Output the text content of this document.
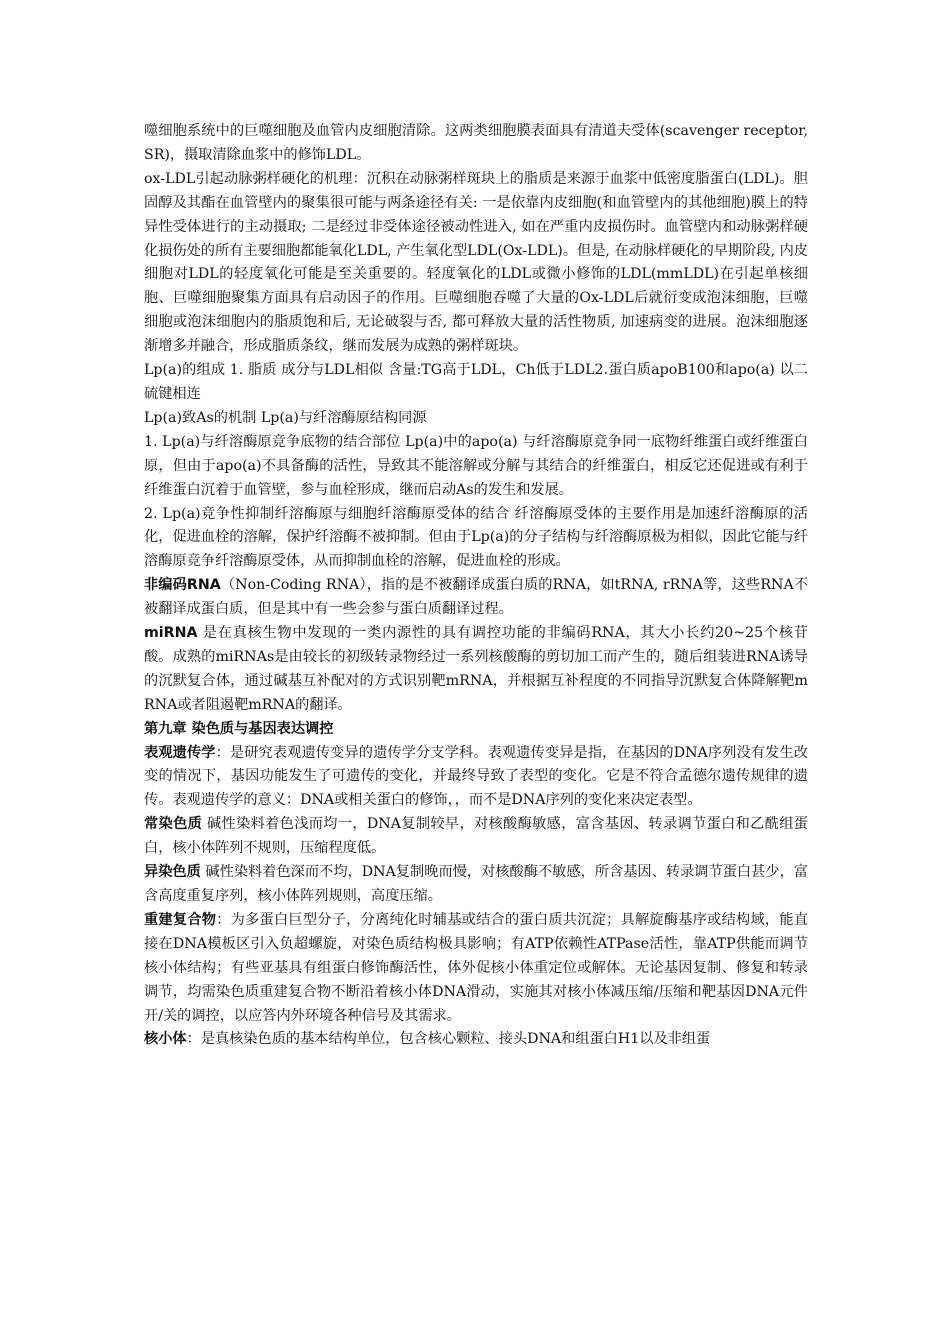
噬细胞系统中的巨噬细胞及血管内皮细胞清除。这两类细胞膜表面具有清道夫受体(scavenger receptor, SR)，摄取清除血浆中的修饰LDL。

ox-LDL引起动脉粥样硬化的机理：沉积在动脉粥样斑块上的脂质是来源于血浆中低密度脂蛋白(LDL)。胆固醇及其酯在血管壁内的聚集很可能与两条途径有关: 一是依靠内皮细胞(和血管壁内的其他细胞)膜上的特异性受体进行的主动摄取; 二是经过非受体途径被动性进入, 如在严重内皮损伤时。血管壁内和动脉粥样硬化损伤处的所有主要细胞都能氧化LDL, 产生氧化型LDL(Ox-LDL)。但是, 在动脉样硬化的早期阶段, 内皮细胞对LDL的轻度氧化可能是至关重要的。轻度氧化的LDL或微小修饰的LDL(mmLDL)在引起单核细胞、巨噬细胞聚集方面具有启动因子的作用。巨噬细胞吞噬了大量的Ox-LDL后就衍变成泡沫细胞，巨噬细胞或泡沫细胞内的脂质饱和后, 无论破裂与否, 都可释放大量的活性物质, 加速病变的进展。泡沫细胞逐渐增多并融合，形成脂质条纹，继而发展为成熟的粥样斑块。

Lp(a)的组成 1. 脂质 成分与LDL相似 含量:TG高于LDL，Ch低于LDL2.蛋白质apoB100和apo(a) 以二硫键相连

Lp(a)致As的机制 Lp(a)与纤溶酶原结构同源

1. Lp(a)与纤溶酶原竞争底物的结合部位 Lp(a)中的apo(a) 与纤溶酶原竞争同一底物纤维蛋白或纤维蛋白原，但由于apo(a)不具备酶的活性，导致其不能溶解或分解与其结合的纤维蛋白，相反它还促进或有利于纤维蛋白沉着于血管壁，参与血栓形成，继而启动As的发生和发展。

2. Lp(a)竞争性抑制纤溶酶原与细胞纤溶酶原受体的结合 纤溶酶原受体的主要作用是加速纤溶酶原的活化，促进血栓的溶解，保护纤溶酶不被抑制。但由于Lp(a)的分子结构与纤溶酶原极为相似，因此它能与纤溶酶原竞争纤溶酶原受体，从而抑制血栓的溶解，促进血栓的形成。

非编码RNA（Non-Coding RNA），指的是不被翻译成蛋白质的RNA，如tRNA, rRNA等，这些RNA不被翻译成蛋白质，但是其中有一些会参与蛋白质翻译过程。

miRNA 是在真核生物中发现的一类内源性的具有调控功能的非编码RNA，其大小长约20~25个核苷酸。成熟的miRNAs是由较长的初级转录物经过一系列核酸酶的剪切加工而产生的，随后组装进RNA诱导的沉默复合体，通过碱基互补配对的方式识别靶mRNA，并根据互补程度的不同指导沉默复合体降解靶mRNA或者阻遏靶mRNA的翻译。

第九章 染色质与基因表达调控

表观遗传学：是研究表观遗传变异的遗传学分支学科。表观遗传变异是指，在基因的DNA序列没有发生改变的情况下，基因功能发生了可遗传的变化，并最终导致了表型的变化。它是不符合孟德尔遗传规律的遗传。表观遗传学的意义：DNA或相关蛋白的修饰，，而不是DNA序列的变化来决定表型。

常染色质 碱性染料着色浅而均一，DNA复制较早，对核酸酶敏感，富含基因、转录调节蛋白和乙酰组蛋白，核小体阵列不规则，压缩程度低。

异染色质 碱性染料着色深而不均，DNA复制晚而慢，对核酸酶不敏感，所含基因、转录调节蛋白甚少，富含高度重复序列，核小体阵列规则，高度压缩。

重建复合物：为多蛋白巨型分子，分离纯化时辅基或结合的蛋白质共沉淀；具解旋酶基序或结构域，能直接在DNA模板区引入负超螺旋，对染色质结构极具影响；有ATP依赖性ATPase活性，靠ATP供能而调节核小体结构；有些亚基具有组蛋白修饰酶活性，体外促核小体重定位或解体。无论基因复制、修复和转录调节，均需染色质重建复合物不断沿着核小体DNA滑动，实施其对核小体减压缩/压缩和靶基因DNA元件开/关的调控，以应答内外环境各种信号及其需求。

核小体：是真核染色质的基本结构单位，包含核心颗粒、接头DNA和组蛋白H1以及非组蛋
